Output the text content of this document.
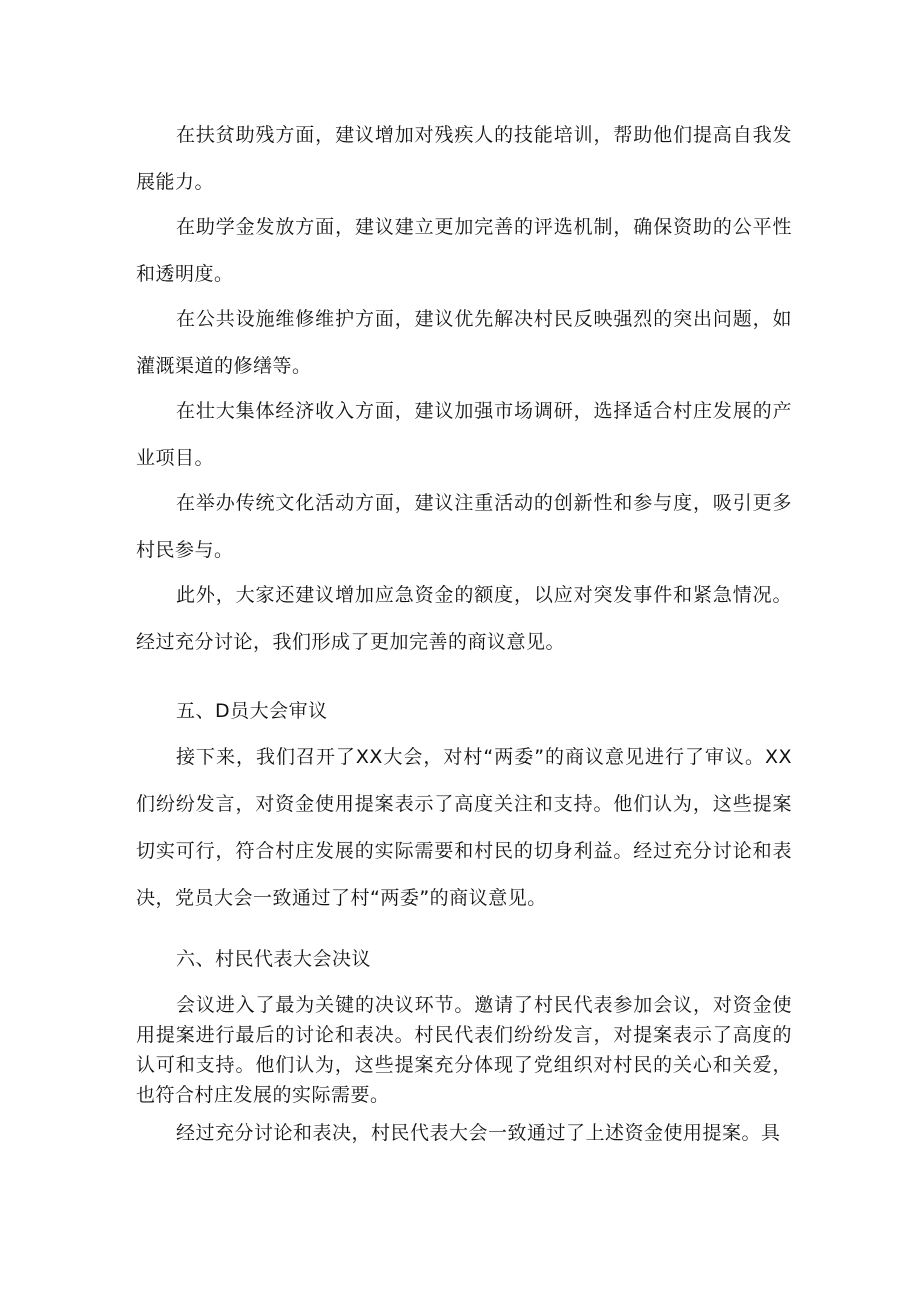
在扶贫助残方面，建议增加对残疾人的技能培训，帮助他们提高自我发展能力。

在助学金发放方面，建议建立更加完善的评选机制，确保资助的公平性和透明度。

在公共设施维修维护方面，建议优先解决村民反映强烈的突出问题，如灌溉渠道的修缮等。

在壮大集体经济收入方面，建议加强市场调研，选择适合村庄发展的产业项目。

在举办传统文化活动方面，建议注重活动的创新性和参与度，吸引更多村民参与。

此外，大家还建议增加应急资金的额度，以应对突发事件和紧急情况。经过充分讨论，我们形成了更加完善的商议意见。

五、D员大会审议

接下来，我们召开了XX大会，对村“两委”的商议意见进行了审议。XX们纷纷发言，对资金使用提案表示了高度关注和支持。他们认为，这些提案切实可行，符合村庄发展的实际需要和村民的切身利益。经过充分讨论和表决，党员大会一致通过了村“两委”的商议意见。

六、村民代表大会决议

会议进入了最为关键的决议环节。邀请了村民代表参加会议，对资金使用提案进行最后的讨论和表决。村民代表们纷纷发言，对提案表示了高度的认可和支持。他们认为，这些提案充分体现了党组织对村民的关心和关爱，也符合村庄发展的实际需要。

经过充分讨论和表决，村民代表大会一致通过了上述资金使用提案。具
